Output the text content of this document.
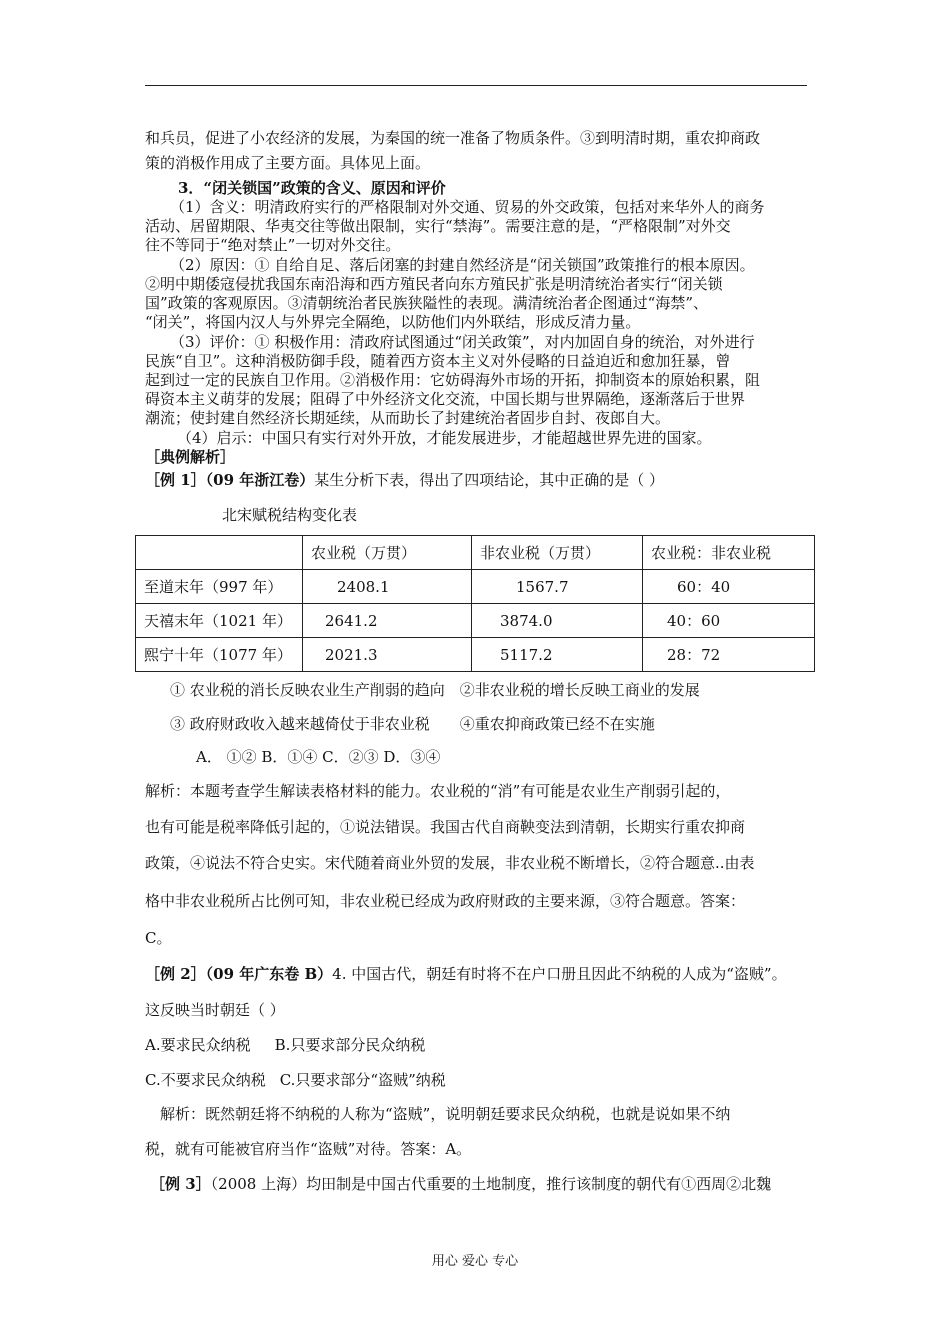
和兵员，促进了小农经济的发展，为秦国的统一准备了物质条件。③到明清时期，重农抑商政
策的消极作用成了主要方面。具体见上面。
3．“闭关锁国”政策的含义、原因和评价
（1）含义：明清政府实行的严格限制对外交通、贸易的外交政策，包括对来华外人的商务
活动、居留期限、华夷交往等做出限制，实行“禁海”。需要注意的是，“严格限制”对外交
往不等同于“绝对禁止”一切对外交往。
（2）原因：① 自给自足、落后闭塞的封建自然经济是“闭关锁国”政策推行的根本原因。
②明中期倭寇侵扰我国东南沿海和西方殖民者向东方殖民扩张是明清统治者实行“闭关锁
国”政策的客观原因。③清朝统治者民族狭隘性的表现。满清统治者企图通过“海禁”、
“闭关”，将国内汉人与外界完全隔绝，以防他们内外联结，形成反清力量。
（3）评价：① 积极作用：清政府试图通过“闭关政策”，对内加固自身的统治，对外进行
民族“自卫”。这种消极防御手段，随着西方资本主义对外侵略的日益迫近和愈加狂暴，曾
起到过一定的民族自卫作用。②消极作用：它妨碍海外市场的开拓，抑制资本的原始积累，阻
碍资本主义萌芽的发展；阻碍了中外经济文化交流，中国长期与世界隔绝，逐渐落后于世界
潮流；使封建自然经济长期延续，从而助长了封建统治者固步自封、夜郎自大。
（4）启示：中国只有实行对外开放，才能发展进步，才能超越世界先进的国家。
［典例解析］
［例 1］（09 年浙江卷）某生分析下表，得出了四项结论，其中正确的是（ ）
北宋赋税结构变化表
	农业税（万贯）	非农业税（万贯）	农业税：非农业税
至道末年（997 年）	2408.1	1567.7	60：40
天禧末年（1021 年）	2641.2	3874.0	40：60
熙宁十年（1077 年）	2021.3	5117.2	28：72
① 农业税的消长反映农业生产削弱的趋向　②非农业税的增长反映工商业的发展
③ 政府财政收入越来越倚仗于非农业税　　④重农抑商政策已经不在实施
A． ①② B．①④ C．②③ D．③④
解析：本题考查学生解读表格材料的能力。农业税的“消”有可能是农业生产削弱引起的，
也有可能是税率降低引起的，①说法错误。我国古代自商鞅变法到清朝，长期实行重农抑商
政策，④说法不符合史实。宋代随着商业外贸的发展，非农业税不断增长，②符合题意..由表
格中非农业税所占比例可知，非农业税已经成为政府财政的主要来源，③符合题意。答案：
C。
［例 2］（09 年广东卷 B）4. 中国古代，朝廷有时将不在户口册且因此不纳税的人成为“盗贼”。
这反映当时朝廷（ ）
A.要求民众纳税 B.只要求部分民众纳税
C.不要求民众纳税 C.只要求部分“盗贼”纳税
解析：既然朝廷将不纳税的人称为“盗贼”，说明朝廷要求民众纳税，也就是说如果不纳
税，就有可能被官府当作“盗贼”对待。答案：A。
［例 3］（2008 上海）均田制是中国古代重要的土地制度，推行该制度的朝代有①西周②北魏
用心 爱心 专心
